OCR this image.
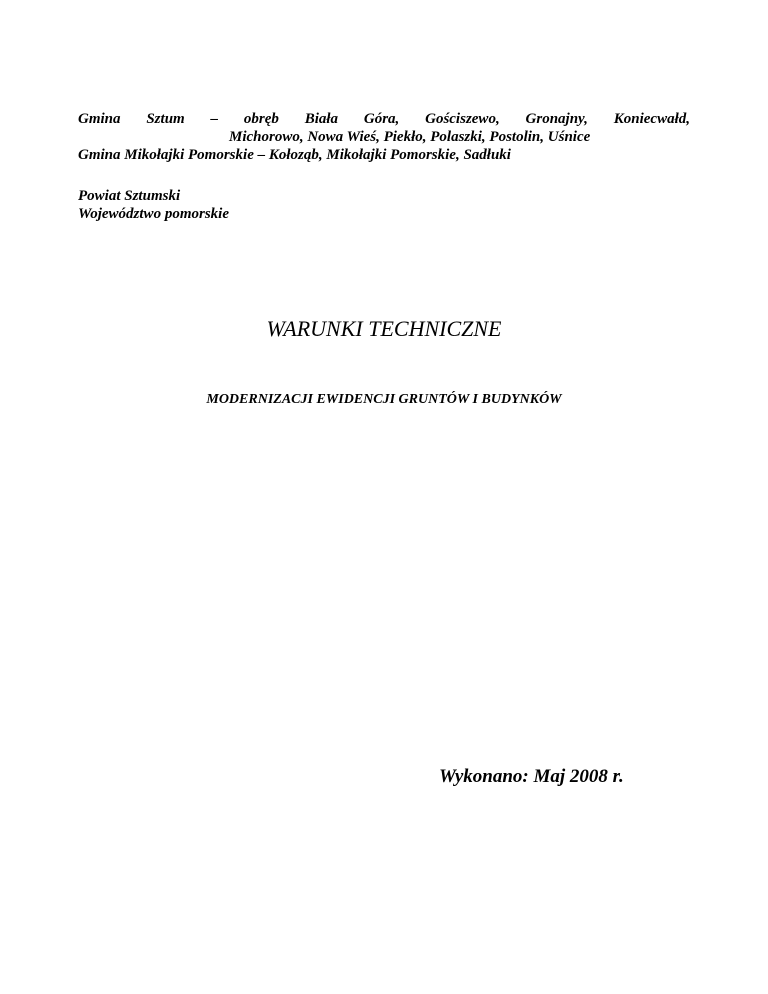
Gmina Sztum – obręb Biała Góra, Gościszewo, Gronajny, Koniecwałd,
Michorowo, Nowa Wieś, Piekło, Polaszki, Postolin, Uśnice
Gmina Mikołajki Pomorskie – Kołoząb, Mikołajki Pomorskie, Sadłuki
Powiat Sztumski
Województwo pomorskie
WARUNKI TECHNICZNE
MODERNIZACJI EWIDENCJI GRUNTÓW I BUDYNKÓW
Wykonano: Maj 2008 r.
